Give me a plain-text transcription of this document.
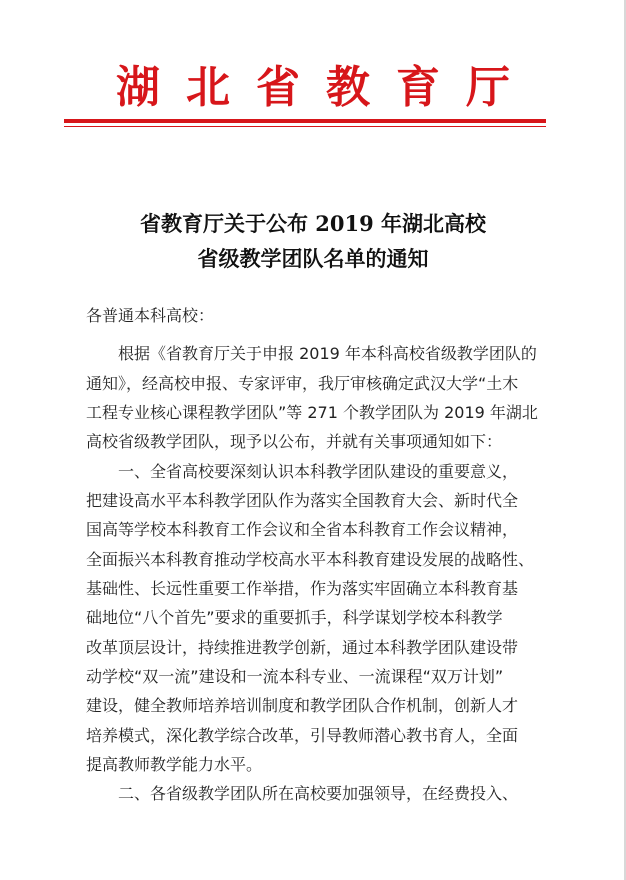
湖北省教育厅
省教育厅关于公布 2019 年湖北高校
省级教学团队名单的通知
各普通本科高校：
根据《省教育厅关于申报 2019 年本科高校省级教学团队的
通知》，经高校申报、专家评审，我厅审核确定武汉大学“土木
工程专业核心课程教学团队”等 271 个教学团队为 2019 年湖北
高校省级教学团队，现予以公布，并就有关事项通知如下：
一、全省高校要深刻认识本科教学团队建设的重要意义，
把建设高水平本科教学团队作为落实全国教育大会、新时代全
国高等学校本科教育工作会议和全省本科教育工作会议精神，
全面振兴本科教育推动学校高水平本科教育建设发展的战略性、
基础性、长远性重要工作举措，作为落实牢固确立本科教育基
础地位“八个首先”要求的重要抓手，科学谋划学校本科教学
改革顶层设计，持续推进教学创新，通过本科教学团队建设带
动学校“双一流”建设和一流本科专业、一流课程“双万计划”
建设，健全教师培养培训制度和教学团队合作机制，创新人才
培养模式，深化教学综合改革，引导教师潜心教书育人，全面
提高教师教学能力水平。
二、各省级教学团队所在高校要加强领导，在经费投入、
